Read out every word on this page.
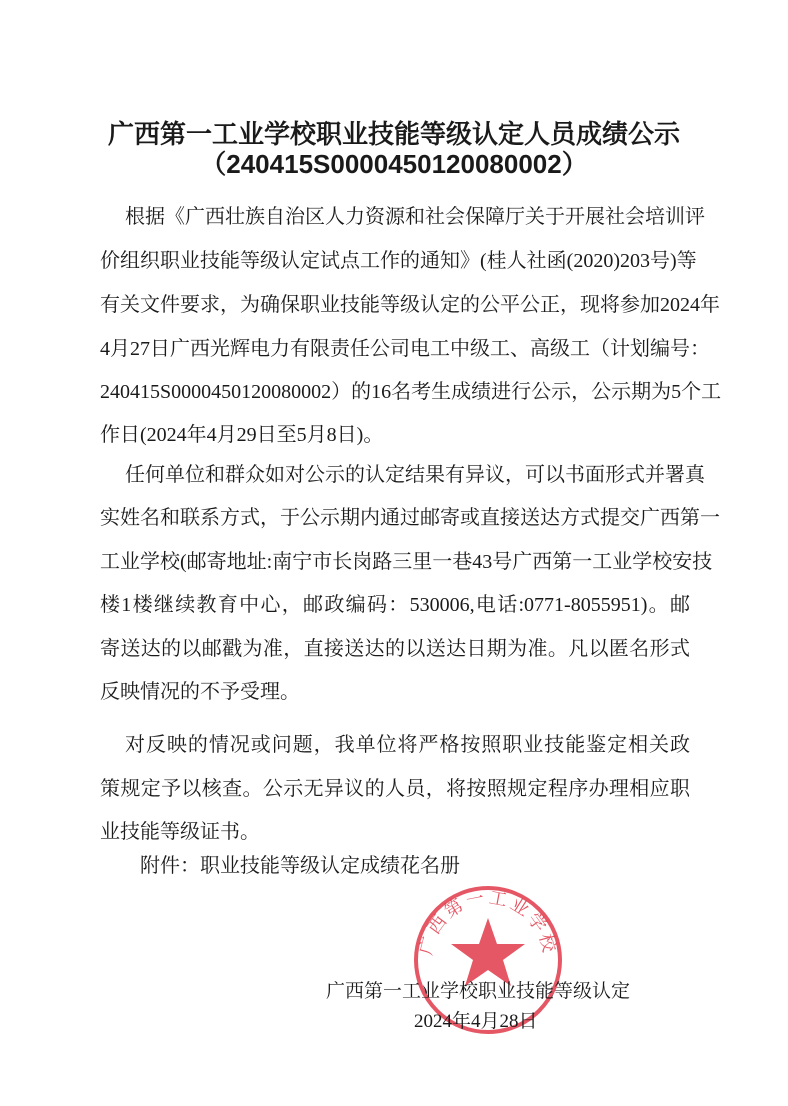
广西第一工业学校职业技能等级认定人员成绩公示
（240415S0000450120080002）
根据《广西壮族自治区人力资源和社会保障厅关于开展社会培训评
价组织职业技能等级认定试点工作的通知》(桂人社函(2020)203号)等
有关文件要求，为确保职业技能等级认定的公平公正，现将参加2024年
4月27日广西光辉电力有限责任公司电工中级工、高级工（计划编号：
240415S0000450120080002）的16名考生成绩进行公示，公示期为5个工
作日(2024年4月29日至5月8日)。
任何单位和群众如对公示的认定结果有异议，可以书面形式并署真
实姓名和联系方式，于公示期内通过邮寄或直接送达方式提交广西第一
工业学校(邮寄地址:南宁市长岗路三里一巷43号广西第一工业学校安技
楼1楼继续教育中心，邮政编码：530006,电话:0771-8055951)。邮
寄送达的以邮戳为准，直接送达的以送达日期为准。凡以匿名形式
反映情况的不予受理。
对反映的情况或问题，我单位将严格按照职业技能鉴定相关政
策规定予以核查。公示无异议的人员，将按照规定程序办理相应职
业技能等级证书。
附件：职业技能等级认定成绩花名册
广西第一工业学校
广西第一工业学校职业技能等级认定
2024年4月28日
